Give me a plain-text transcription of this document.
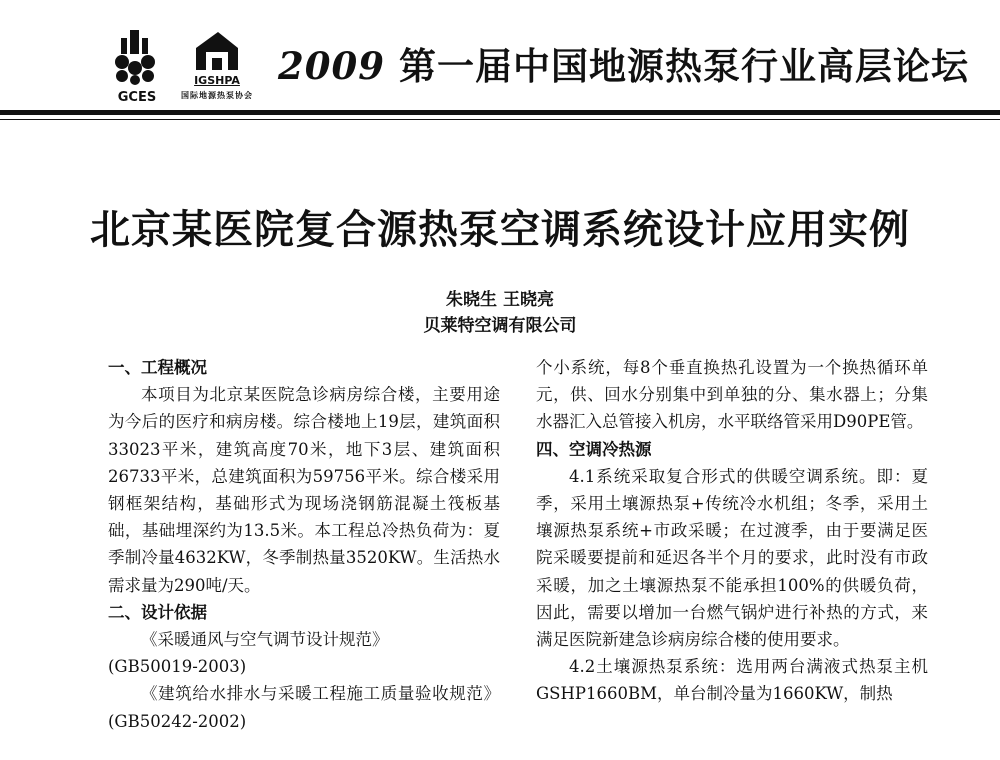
GCES
IGSHPA
国际地源热泵协会
2009 第一届中国地源热泵行业高层论坛
北京某医院复合源热泵空调系统设计应用实例
朱晓生 王晓亮
贝莱特空调有限公司

一、工程概况

本项目为北京某医院急诊病房综合楼，主要用途为今后的医疗和病房楼。综合楼地上19层，建筑面积33023平米，建筑高度70米，地下3层、建筑面积26733平米，总建筑面积为59756平米。综合楼采用钢框架结构，基础形式为现场浇钢筋混凝土筏板基础，基础埋深约为13.5米。本工程总冷热负荷为：夏季制冷量4632KW，冬季制热量3520KW。生活热水需求量为290吨/天。

二、设计依据

《采暖通风与空气调节设计规范》

(GB50019-2003)

《建筑给水排水与采暖工程施工质量验收规范》(GB50242-2002)

个小系统，每8个垂直换热孔设置为一个换热循环单元，供、回水分别集中到单独的分、集水器上；分集水器汇入总管接入机房，水平联络管采用D90PE管。

四、空调冷热源

4.1系统采取复合形式的供暖空调系统。即：夏季，采用土壤源热泵+传统冷水机组；冬季，采用土壤源热泵系统+市政采暖；在过渡季，由于要满足医院采暖要提前和延迟各半个月的要求，此时没有市政采暖，加之土壤源热泵不能承担100%的供暖负荷，因此，需要以增加一台燃气锅炉进行补热的方式，来满足医院新建急诊病房综合楼的使用要求。

4.2土壤源热泵系统：选用两台满液式热泵主机GSHP1660BM，单台制冷量为1660KW，制热
